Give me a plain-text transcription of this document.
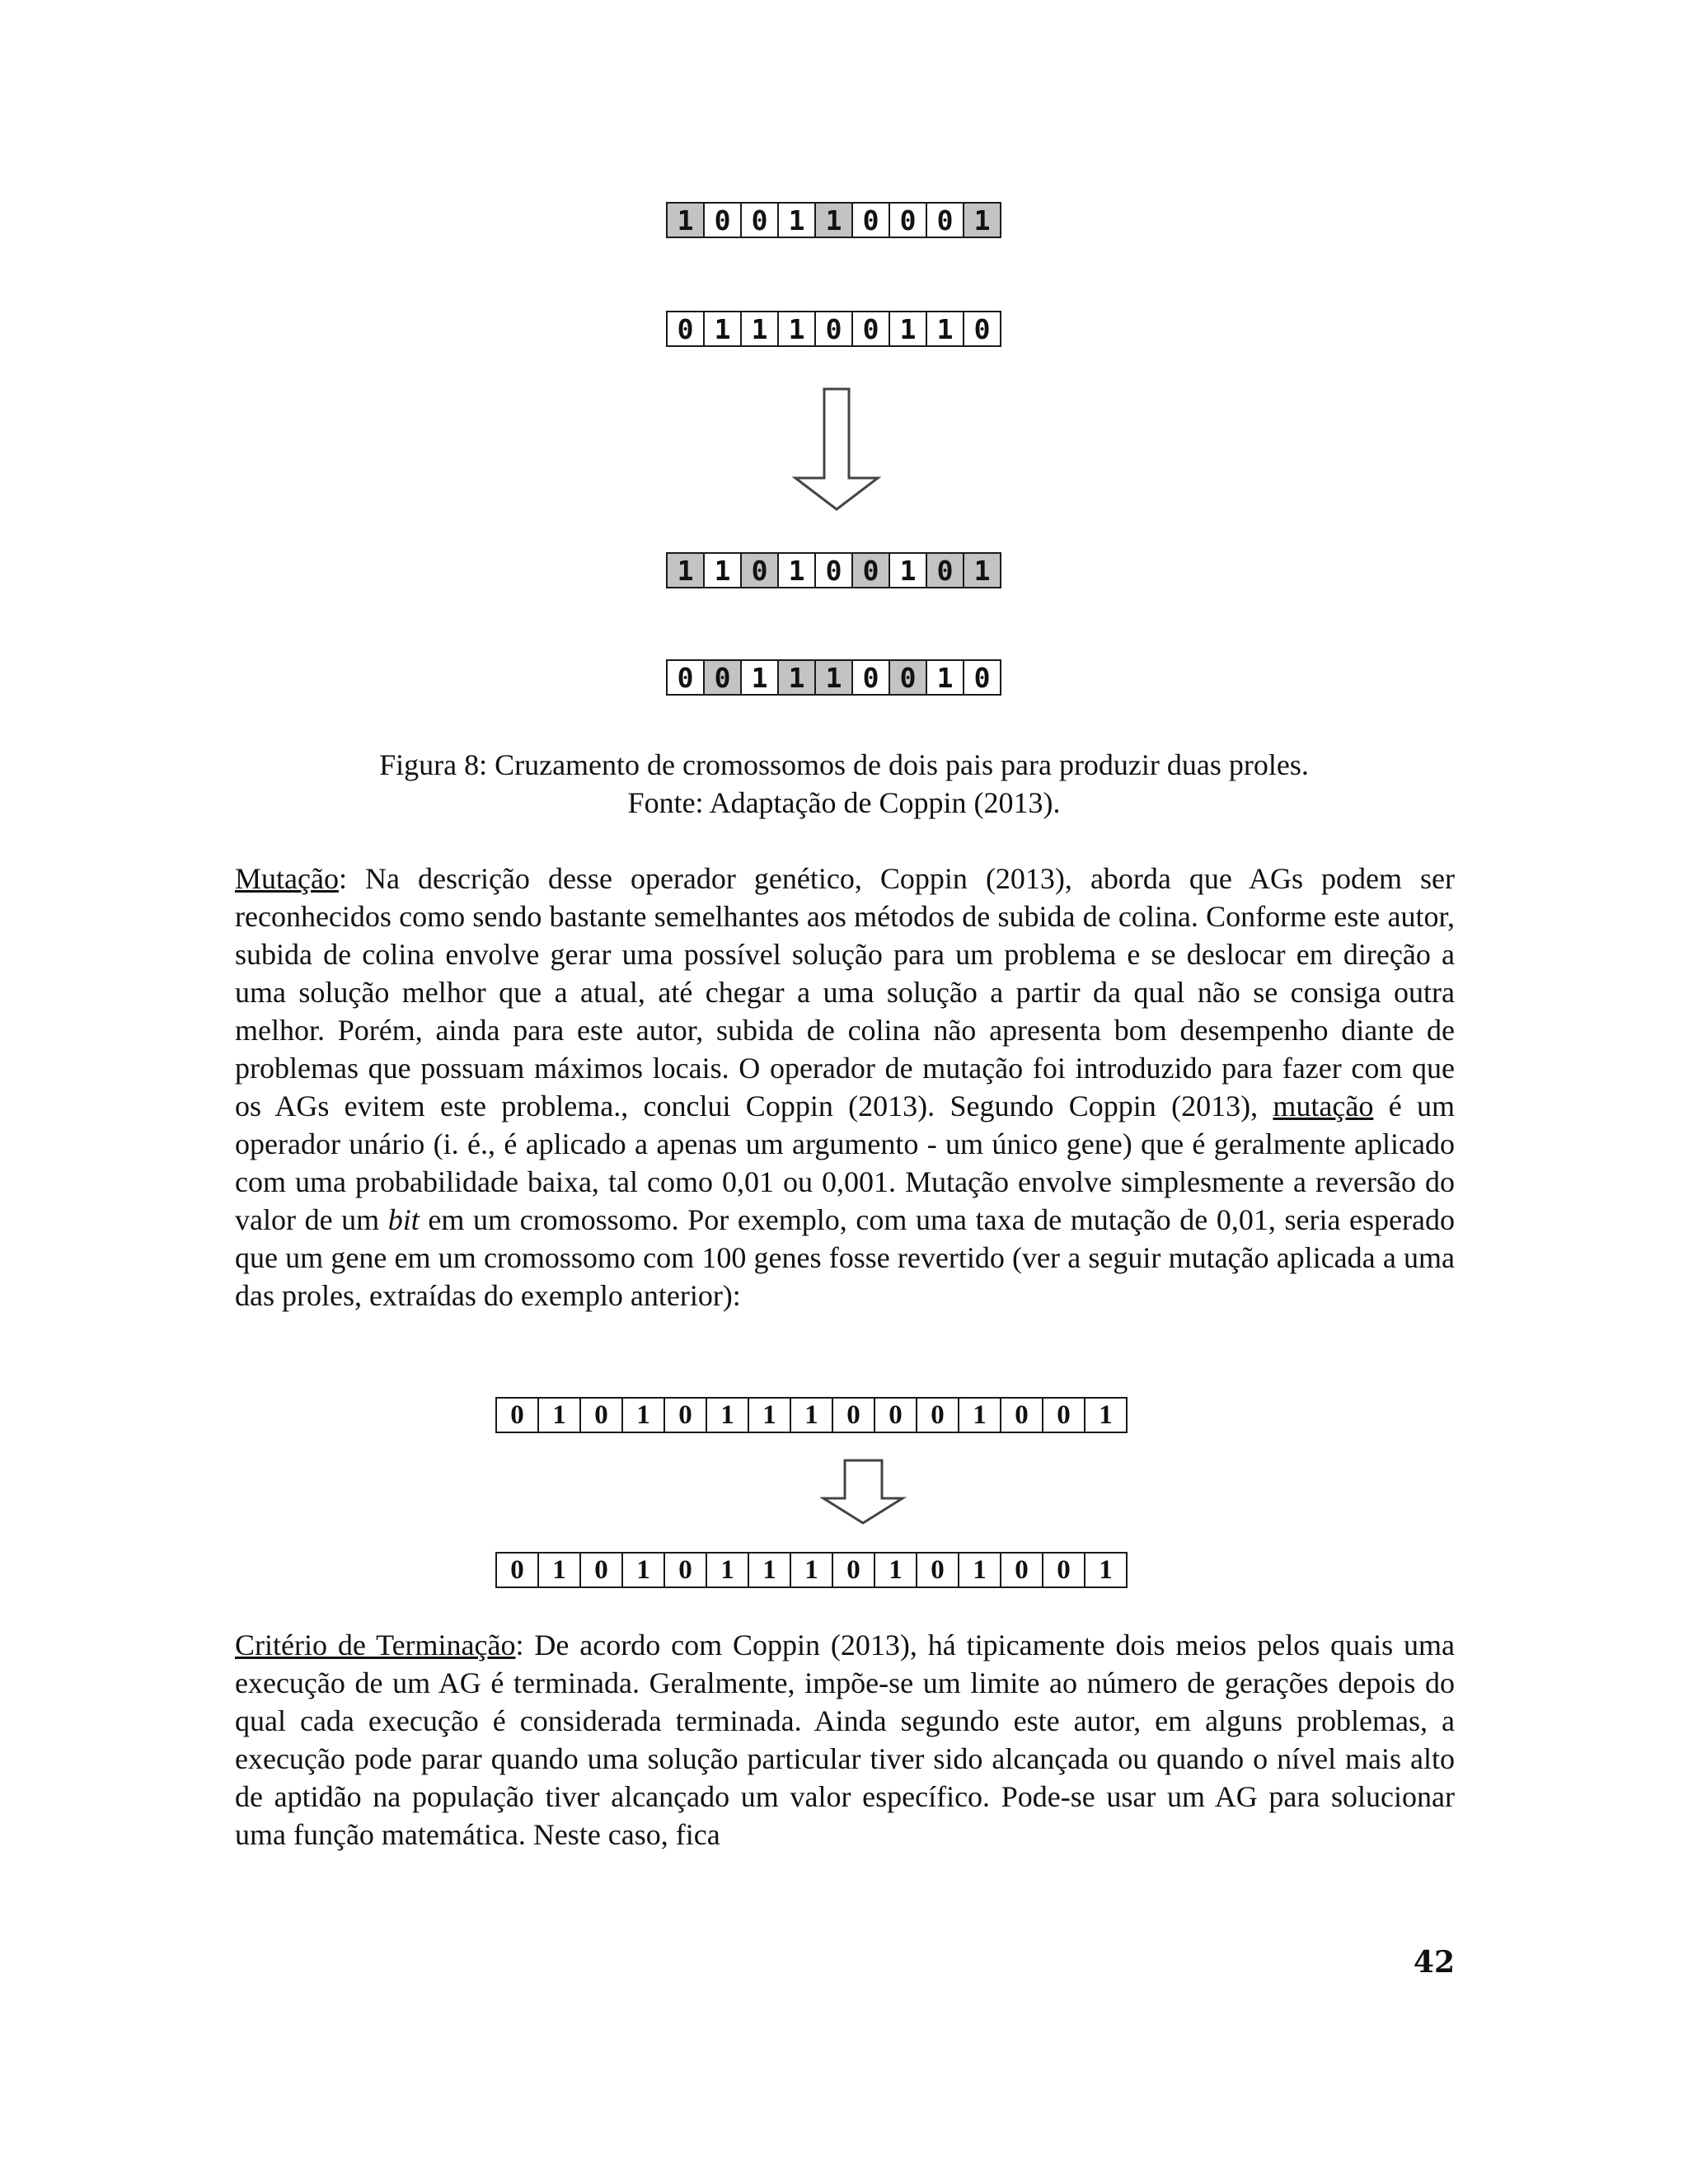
1 0 0 1 1 0 0 0 1
0 1 1 1 0 0 1 1 0
1 1 0 1 0 0 1 0 1
0 0 1 1 1 0 0 1 0
Figura 8: Cruzamento de cromossomos de dois pais para produzir duas proles.
Fonte: Adaptação de Coppin (2013).

Mutação: Na descrição desse operador genético, Coppin (2013), aborda que AGs podem ser reconhecidos como sendo bastante semelhantes aos métodos de subida de colina. Conforme este autor, subida de colina envolve gerar uma possível solução para um problema e se deslocar em direção a uma solução melhor que a atual, até chegar a uma solução a partir da qual não se consiga outra melhor. Porém, ainda para este autor, subida de colina não apresenta bom desempenho diante de problemas que possuam máximos locais. O operador de mutação foi introduzido para fazer com que os AGs evitem este problema., conclui Coppin (2013). Segundo Coppin (2013), mutação é um operador unário (i. é., é aplicado a apenas um argumento - um único gene) que é geralmente aplicado com uma probabilidade baixa, tal como 0,01 ou 0,001. Mutação envolve simplesmente a reversão do valor de um bit em um cromossomo. Por exemplo, com uma taxa de mutação de 0,01, seria esperado que um gene em um cromossomo com 100 genes fosse revertido (ver a seguir mutação aplicada a uma das proles, extraídas do exemplo anterior):

0	1	0	1	0	1	1	1	0	0	0	1	0	0	1
0	1	0	1	0	1	1	1	0	1	0	1	0	0	1

Critério de Terminação: De acordo com Coppin (2013), há tipicamente dois meios pelos quais uma execução de um AG é terminada. Geralmente, impõe-se um limite ao número de gerações depois do qual cada execução é considerada terminada. Ainda segundo este autor, em alguns problemas, a execução pode parar quando uma solução particular tiver sido alcançada ou quando o nível mais alto de aptidão na população tiver alcançado um valor específico. Pode-se usar um AG para solucionar uma função matemática. Neste caso, fica

42
